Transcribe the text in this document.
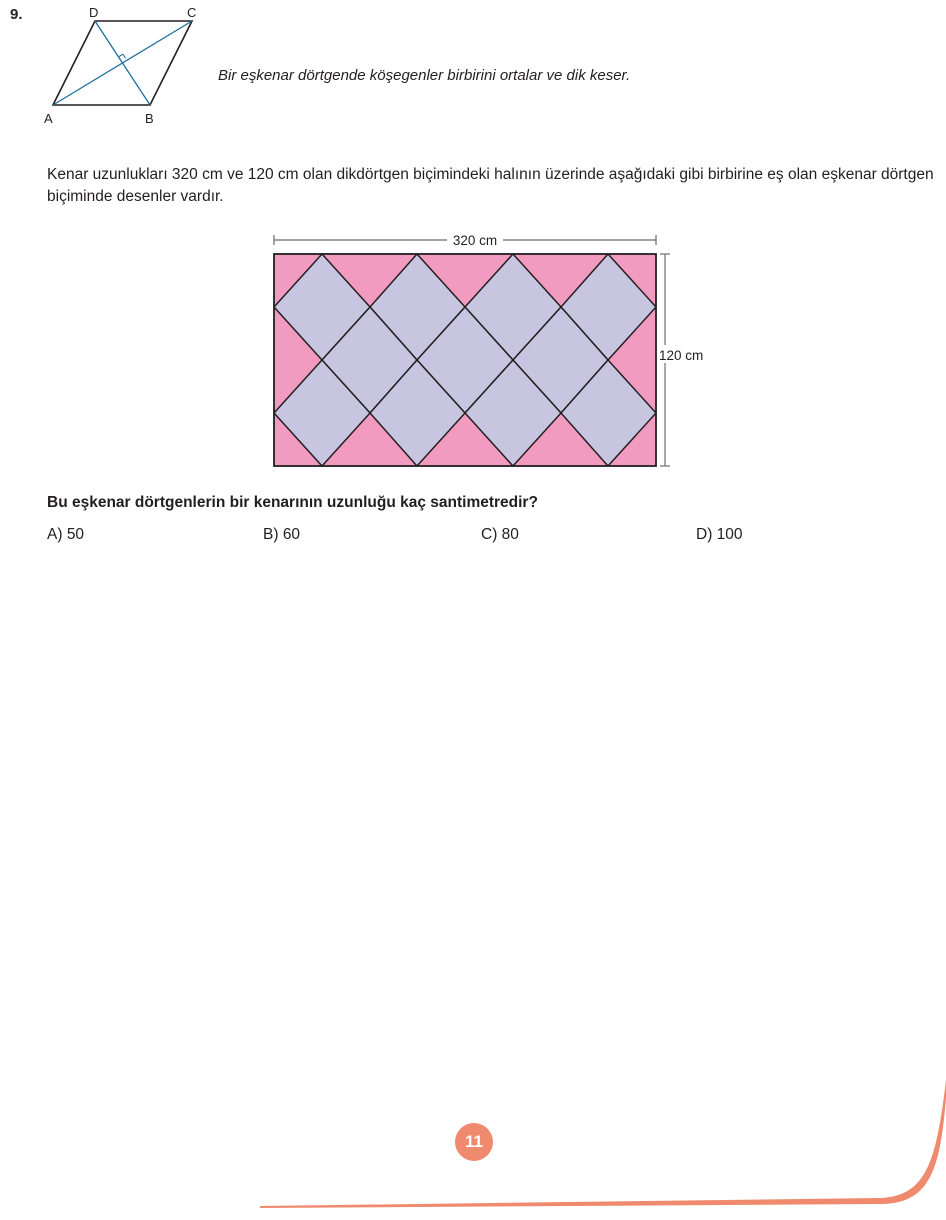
9.
A	B
C
D
Bir eşkenar dörtgende köşegenler birbirini ortalar ve dik keser.
Kenar uzunlukları 320 cm ve 120 cm olan dikdörtgen biçimindeki halının üzerinde aşağıdaki gibi birbirine eş olan eşkenar dörtgen biçiminde desenler vardır.
320 cm
120 cm
Bu eşkenar dörtgenlerin bir kenarının uzunluğu kaç santimetredir?
A) 50	B) 60	C) 80	D) 100
11
